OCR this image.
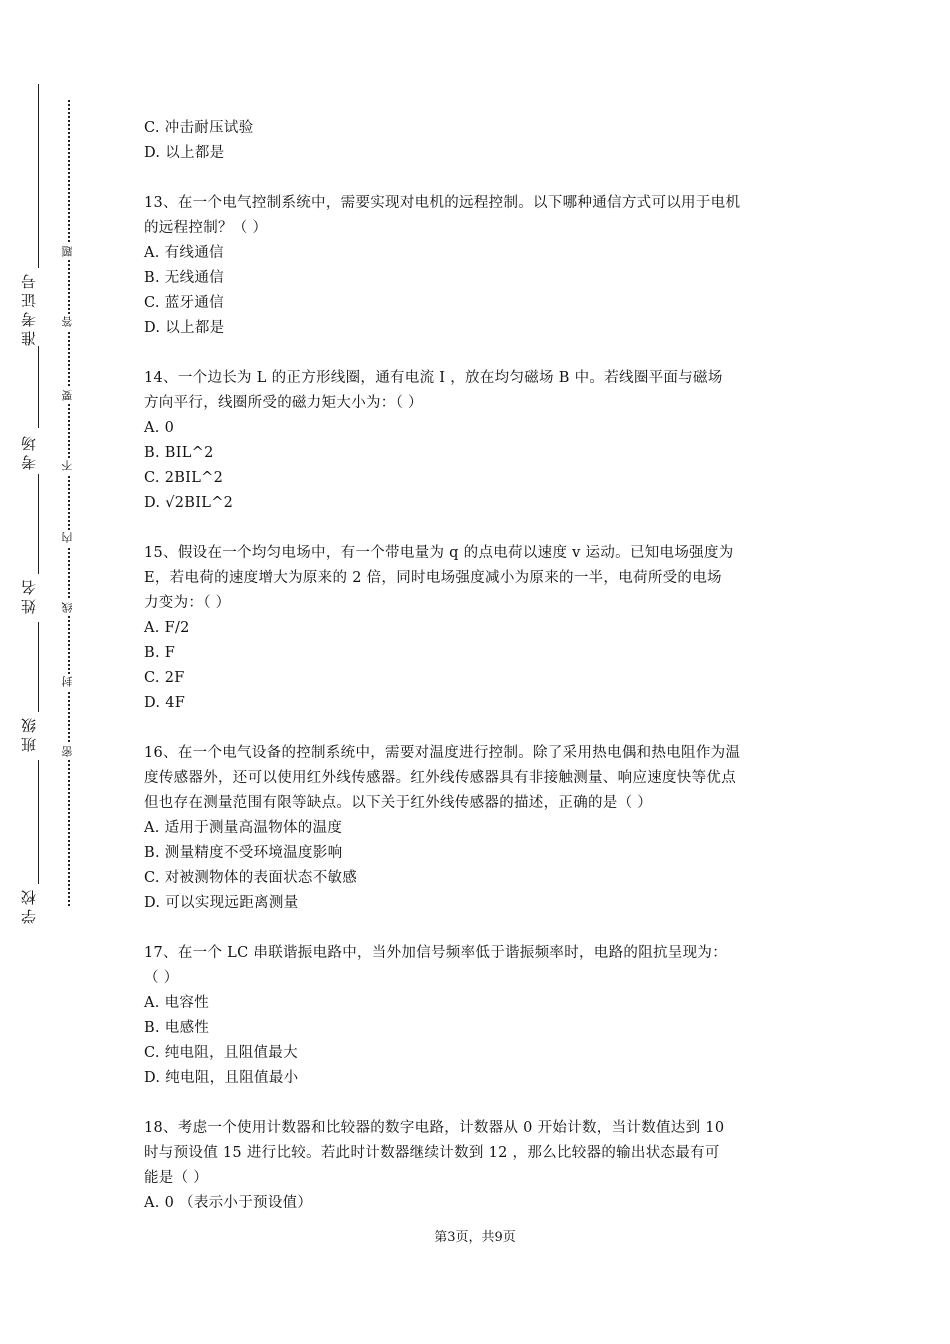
准考证号
考场
姓名
班级
学校
题
答
要
不
内
线
封
密
C. 冲击耐压试验
D. 以上都是
13、在一个电气控制系统中，需要实现对电机的远程控制。以下哪种通信方式可以用于电机
的远程控制？（ ）
A. 有线通信
B. 无线通信
C. 蓝牙通信
D. 以上都是
14、一个边长为 L 的正方形线圈，通有电流 I ，放在均匀磁场 B 中。若线圈平面与磁场
方向平行，线圈所受的磁力矩大小为：（ ）
A. 0
B. BIL^2
C. 2BIL^2
D. √2BIL^2
15、假设在一个均匀电场中，有一个带电量为 q 的点电荷以速度 v 运动。已知电场强度为
E，若电荷的速度增大为原来的 2 倍，同时电场强度减小为原来的一半，电荷所受的电场
力变为：（ ）
A. F/2
B. F
C. 2F
D. 4F
16、在一个电气设备的控制系统中，需要对温度进行控制。除了采用热电偶和热电阻作为温
度传感器外，还可以使用红外线传感器。红外线传感器具有非接触测量、响应速度快等优点
但也存在测量范围有限等缺点。以下关于红外线传感器的描述，正确的是（ ）
A. 适用于测量高温物体的温度
B. 测量精度不受环境温度影响
C. 对被测物体的表面状态不敏感
D. 可以实现远距离测量
17、在一个 LC 串联谐振电路中，当外加信号频率低于谐振频率时，电路的阻抗呈现为：
（ ）
A. 电容性
B. 电感性
C. 纯电阻，且阻值最大
D. 纯电阻，且阻值最小
18、考虑一个使用计数器和比较器的数字电路，计数器从 0 开始计数，当计数值达到 10
时与预设值 15 进行比较。若此时计数器继续计数到 12 ，那么比较器的输出状态最有可
能是（ ）
A. 0 （表示小于预设值）
第3页，共9页
